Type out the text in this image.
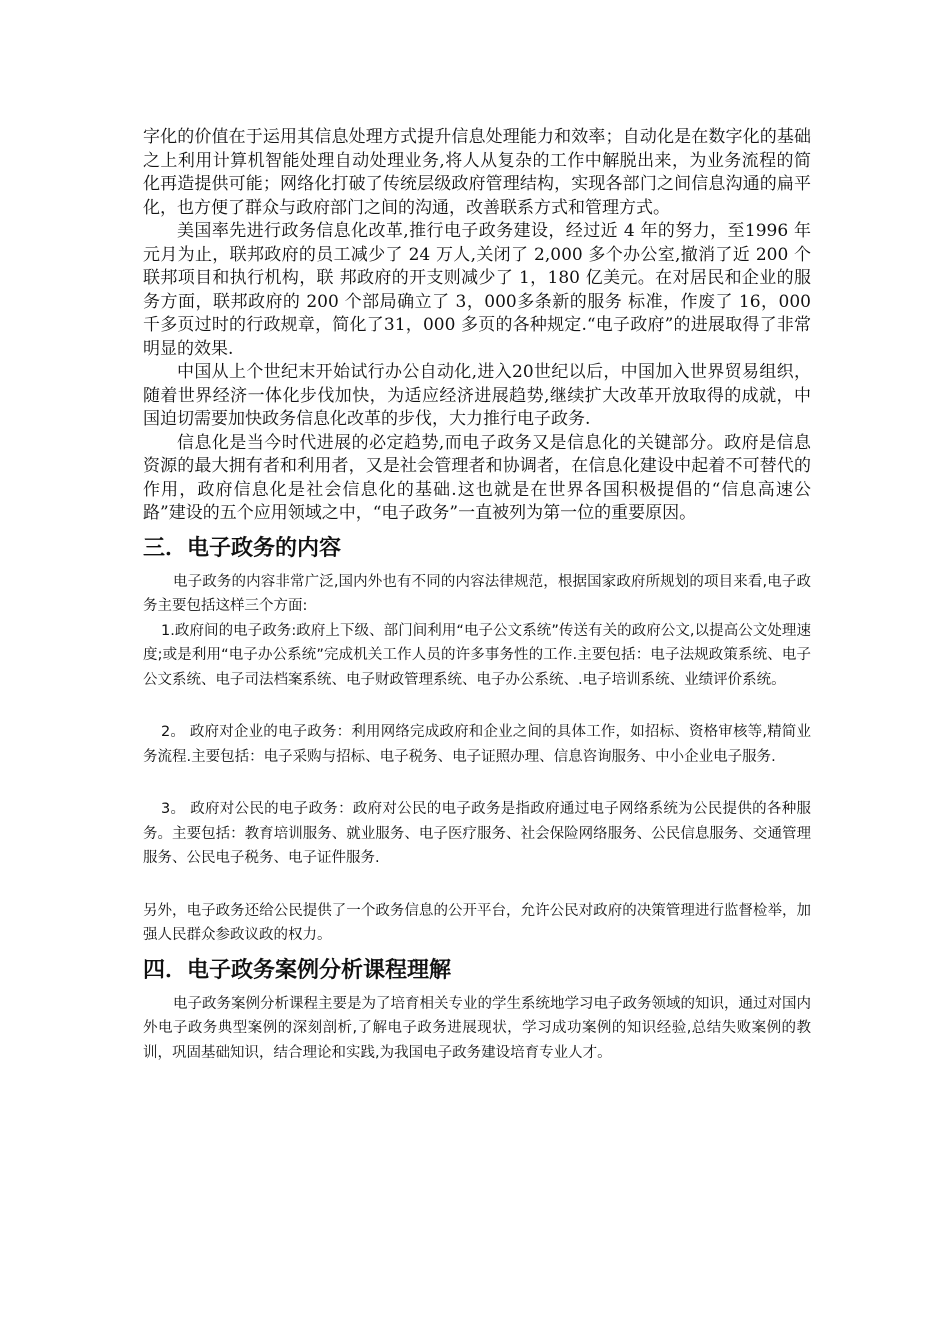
字化的价值在于运用其信息处理方式提升信息处理能力和效率；自动化是在数字化的基础之上利用计算机智能处理自动处理业务,将人从复杂的工作中解脱出来，为业务流程的简化再造提供可能；网络化打破了传统层级政府管理结构，实现各部门之间信息沟通的扁平化，也方便了群众与政府部门之间的沟通，改善联系方式和管理方式。

美国率先进行政务信息化改革,推行电子政务建设，经过近 4 年的努力，至1996 年元月为止，联邦政府的员工减少了 24 万人,关闭了 2,000 多个办公室,撤消了近 200 个联邦项目和执行机构，联 邦政府的开支则减少了 1，180 亿美元。在对居民和企业的服 务方面，联邦政府的 200 个部局确立了 3，000多条新的服务 标准，作废了 16，000 千多页过时的行政规章，简化了31，000 多页的各种规定.“电子政府”的进展取得了非常明显的效果.

中国从上个世纪末开始试行办公自动化,进入20世纪以后，中国加入世界贸易组织，随着世界经济一体化步伐加快，为适应经济进展趋势,继续扩大改革开放取得的成就，中国迫切需要加快政务信息化改革的步伐，大力推行电子政务.

信息化是当今时代进展的必定趋势,而电子政务又是信息化的关键部分。政府是信息资源的最大拥有者和利用者，又是社会管理者和协调者，在信息化建设中起着不可替代的作用，政府信息化是社会信息化的基础.这也就是在世界各国积极提倡的“信息高速公路”建设的五个应用领域之中，“电子政务”一直被列为第一位的重要原因。

三．电子政务的内容

电子政务的内容非常广泛,国内外也有不同的内容法律规范，根据国家政府所规划的项目来看,电子政务主要包括这样三个方面:

1.政府间的电子政务:政府上下级、部门间利用“电子公文系统”传送有关的政府公文,以提高公文处理速度;或是利用“电子办公系统”完成机关工作人员的许多事务性的工作.主要包括：电子法规政策系统、电子公文系统、电子司法档案系统、电子财政管理系统、电子办公系统、.电子培训系统、业绩评价系统。

2。 政府对企业的电子政务：利用网络完成政府和企业之间的具体工作，如招标、资格审核等,精简业务流程.主要包括：电子采购与招标、电子税务、电子证照办理、信息咨询服务、中小企业电子服务.

3。 政府对公民的电子政务：政府对公民的电子政务是指政府通过电子网络系统为公民提供的各种服务。主要包括：教育培训服务、就业服务、电子医疗服务、社会保险网络服务、公民信息服务、交通管理服务、公民电子税务、电子证件服务.

另外，电子政务还给公民提供了一个政务信息的公开平台，允许公民对政府的决策管理进行监督检举，加强人民群众参政议政的权力。

四．电子政务案例分析课程理解

电子政务案例分析课程主要是为了培育相关专业的学生系统地学习电子政务领域的知识，通过对国内外电子政务典型案例的深刻剖析,了解电子政务进展现状，学习成功案例的知识经验,总结失败案例的教训，巩固基础知识，结合理论和实践,为我国电子政务建设培育专业人才。
